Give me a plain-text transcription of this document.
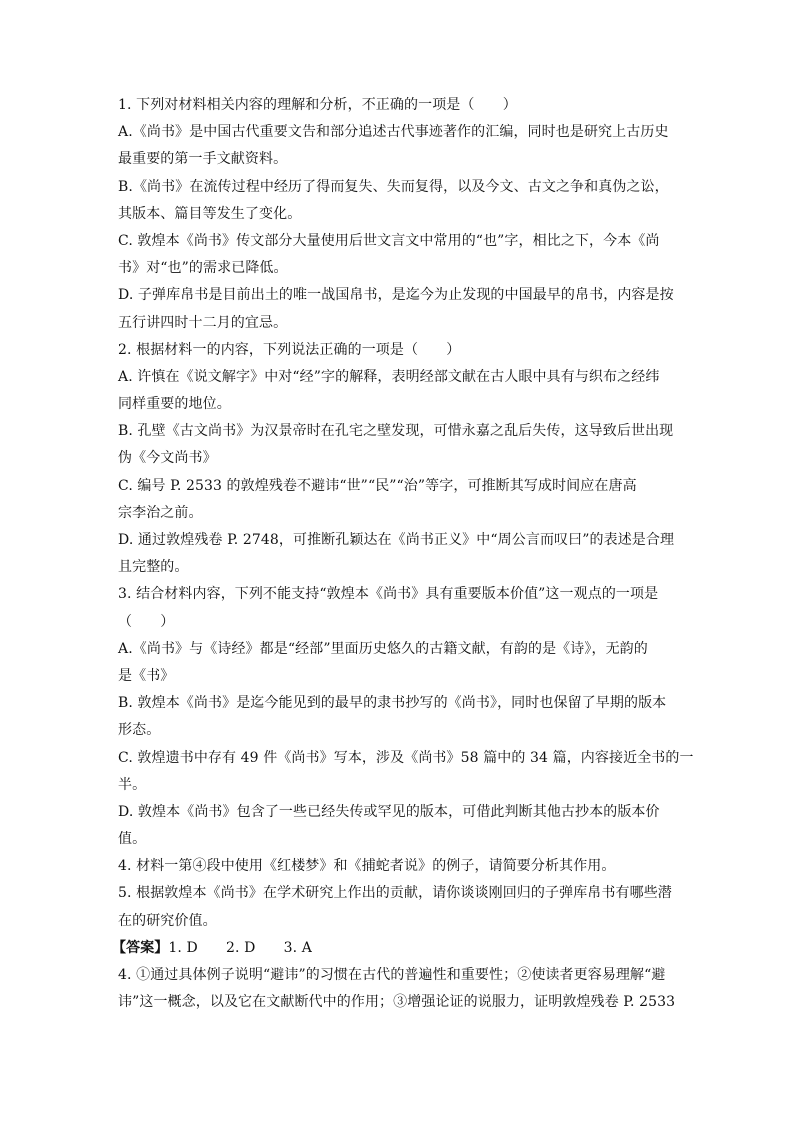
1. 下列对材料相关内容的理解和分析，不正确的一项是（　　）
A.《尚书》是中国古代重要文告和部分追述古代事迹著作的汇编，同时也是研究上古历史
最重要的第一手文献资料。
B.《尚书》在流传过程中经历了得而复失、失而复得，以及今文、古文之争和真伪之讼，
其版本、篇目等发生了变化。
C. 敦煌本《尚书》传文部分大量使用后世文言文中常用的“也”字，相比之下，今本《尚
书》对“也”的需求已降低。
D. 子弹库帛书是目前出土的唯一战国帛书，是迄今为止发现的中国最早的帛书，内容是按
五行讲四时十二月的宜忌。
2. 根据材料一的内容，下列说法正确的一项是（　　）
A. 许慎在《说文解字》中对“经”字的解释，表明经部文献在古人眼中具有与织布之经纬
同样重要的地位。
B. 孔壁《古文尚书》为汉景帝时在孔宅之壁发现，可惜永嘉之乱后失传，这导致后世出现
伪《今文尚书》
C. 编号 P. 2533 的敦煌残卷不避讳“世”“民”“治”等字，可推断其写成时间应在唐高
宗李治之前。
D. 通过敦煌残卷 P. 2748，可推断孔颖达在《尚书正义》中“周公言而叹曰”的表述是合理
且完整的。
3. 结合材料内容，下列不能支持“敦煌本《尚书》具有重要版本价值”这一观点的一项是
（　　）
A.《尚书》与《诗经》都是“经部”里面历史悠久的古籍文献，有韵的是《诗》，无韵的
是《书》
B. 敦煌本《尚书》是迄今能见到的最早的隶书抄写的《尚书》，同时也保留了早期的版本
形态。
C. 敦煌遗书中存有 49 件《尚书》写本，涉及《尚书》58 篇中的 34 篇，内容接近全书的一
半。
D. 敦煌本《尚书》包含了一些已经失传或罕见的版本，可借此判断其他古抄本的版本价
值。
4. 材料一第④段中使用《红楼梦》和《捕蛇者说》的例子，请简要分析其作用。
5. 根据敦煌本《尚书》在学术研究上作出的贡献，请你谈谈刚回归的子弹库帛书有哪些潜
在的研究价值。
【答案】1. D　　2. D　　3. A
4. ①通过具体例子说明“避讳”的习惯在古代的普遍性和重要性；②使读者更容易理解“避
讳”这一概念，以及它在文献断代中的作用；③增强论证的说服力，证明敦煌残卷 P. 2533
